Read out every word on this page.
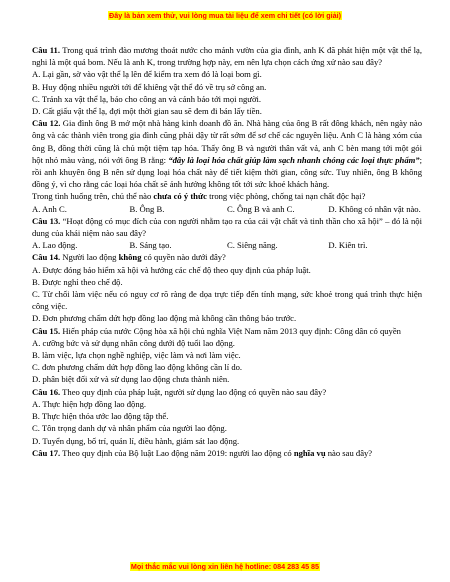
Đây là bản xem thử, vui lòng mua tài liệu để xem chi tiết (có lời giải)

Câu 11. Trong quá trình đào mương thoát nước cho mảnh vườn của gia đình, anh K đã phát hiện một vật thể lạ, nghi là một quả bom. Nếu là anh K, trong trường hợp này, em nên lựa chọn cách ứng xử nào sau đây?

A. Lại gần, sờ vào vật thể lạ lên để kiểm tra xem đó là loại bom gì.

B. Huy động nhiều người tới để khiêng vật thể đó về trụ sở công an.

C. Tránh xa vật thể lạ, báo cho công an và cảnh báo tới mọi người.

D. Cất giấu vật thể lạ, đợi một thời gian sau sẽ đem đi bán lấy tiền.

Câu 12. Gia đình ông B mở một nhà hàng kinh doanh đồ ăn. Nhà hàng của ông B rất đông khách, nên ngày nào ông và các thành viên trong gia đình cũng phải dậy từ rất sớm để sơ chế các nguyên liệu. Anh C là hàng xóm của ông B, đồng thời cũng là chủ một tiệm tạp hóa. Thấy ông B và người thân vất vả, anh C bèn mang tới một gói hột nhỏ màu vàng, nói với ông B rằng: “đây là loại hóa chất giúp làm sạch nhanh chóng các loại thực phẩm”; rồi anh khuyên ông B nên sử dụng loại hóa chất này để tiết kiệm thời gian, công sức. Tuy nhiên, ông B không đồng ý, vì cho rằng các loại hóa chất sẽ ảnh hưởng không tốt tới sức khoẻ khách hàng.

Trong tình huống trên, chủ thể nào chưa có ý thức trong việc phòng, chống tai nạn chất độc hại?

A. Anh C.	B. Ông B.	C. Ông B và anh C.	D. Không có nhân vật nào.

Câu 13. “Hoạt động có mục đích của con người nhằm tạo ra của cải vật chất và tinh thần cho xã hội” – đó là nội dung của khái niệm nào sau đây?

A. Lao động.	B. Sáng tạo.	C. Siêng năng.	D. Kiên trì.

Câu 14. Người lao động không có quyền nào dưới đây?

A. Được đóng bảo hiểm xã hội và hưởng các chế độ theo quy định của pháp luật.

B. Được nghỉ theo chế độ.

C. Từ chối làm việc nếu có nguy cơ rõ ràng đe dọa trực tiếp đến tính mạng, sức khoẻ trong quá trình thực hiện công việc.

D. Đơn phương chấm dứt hợp đồng lao động mà không cần thông báo trước.

Câu 15. Hiến pháp của nước Cộng hòa xã hội chủ nghĩa Việt Nam năm 2013 quy định: Công dân có quyền

A. cưỡng bức và sử dụng nhân công dưới độ tuổi lao động.

B. làm việc, lựa chọn nghề nghiệp, việc làm và nơi làm việc.

C. đơn phương chấm dứt hợp đồng lao động không cần lí do.

D. phân biệt đối xử và sử dụng lao động chưa thành niên.

Câu 16. Theo quy định của pháp luật, người sử dụng lao động có quyền nào sau đây?

A. Thực hiện hợp đồng lao động.

B. Thực hiện thỏa ước lao động tập thể.

C. Tôn trọng danh dự và nhân phẩm của người lao động.

D. Tuyển dụng, bố trí, quản lí, điều hành, giám sát lao động.

Câu 17. Theo quy định của Bộ luật Lao động năm 2019: người lao động có nghĩa vụ nào sau đây?

Mọi thắc mắc vui lòng xin liên hệ hotline: 084 283 45 85
